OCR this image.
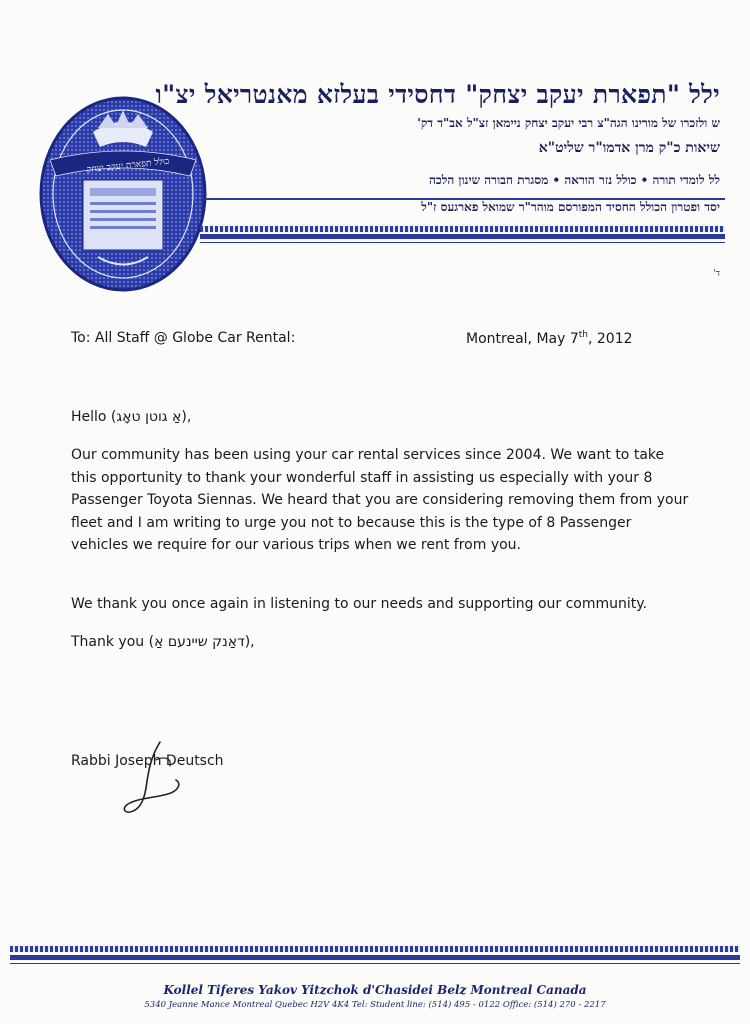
כולל תפארת יעקב יצחק
ילל "תפארת יעקב יצחק" דחסידי בעלזא מאנטריאל יצ"ו
ש ולזכרו של מורינו הגה"צ רבי יעקב יצחק ניימאן זצ"ל אב"ד דק'
שיאות כ"ק מרן אדמו"ר שליט"א
לל לומדי תורה • כולל נזר הוראה • מסגרת חבורה שינון הלכה
יסד ופטרון הכולל החסיד המפורסם מוהר"ר שמואל פארגעס ז"ל
ד'
To: All Staff @ Globe Car Rental:	Montreal, May 7th, 2012
Hello (אַ גוטן טאָג),
Our community has been using your car rental services since 2004. We want to take this opportunity to thank your wonderful staff in assisting us especially with your 8 Passenger Toyota Siennas. We heard that you are considering removing them from your fleet and I am writing to urge you not to because this is the type of 8 Passenger vehicles we require for our various trips when we rent from you.
We thank you once again in listening to our needs and supporting our community.
Thank you (דאַנק שיינעם אַ),
Rabbi Joseph Deutsch
Kollel Tiferes Yakov Yitzchok d'Chasidei Belz Montreal Canada
5340 Jeanne Mance Montreal Quebec H2V 4K4 Tel: Student line: (514) 495 - 0122 Office: (514) 270 - 2217
